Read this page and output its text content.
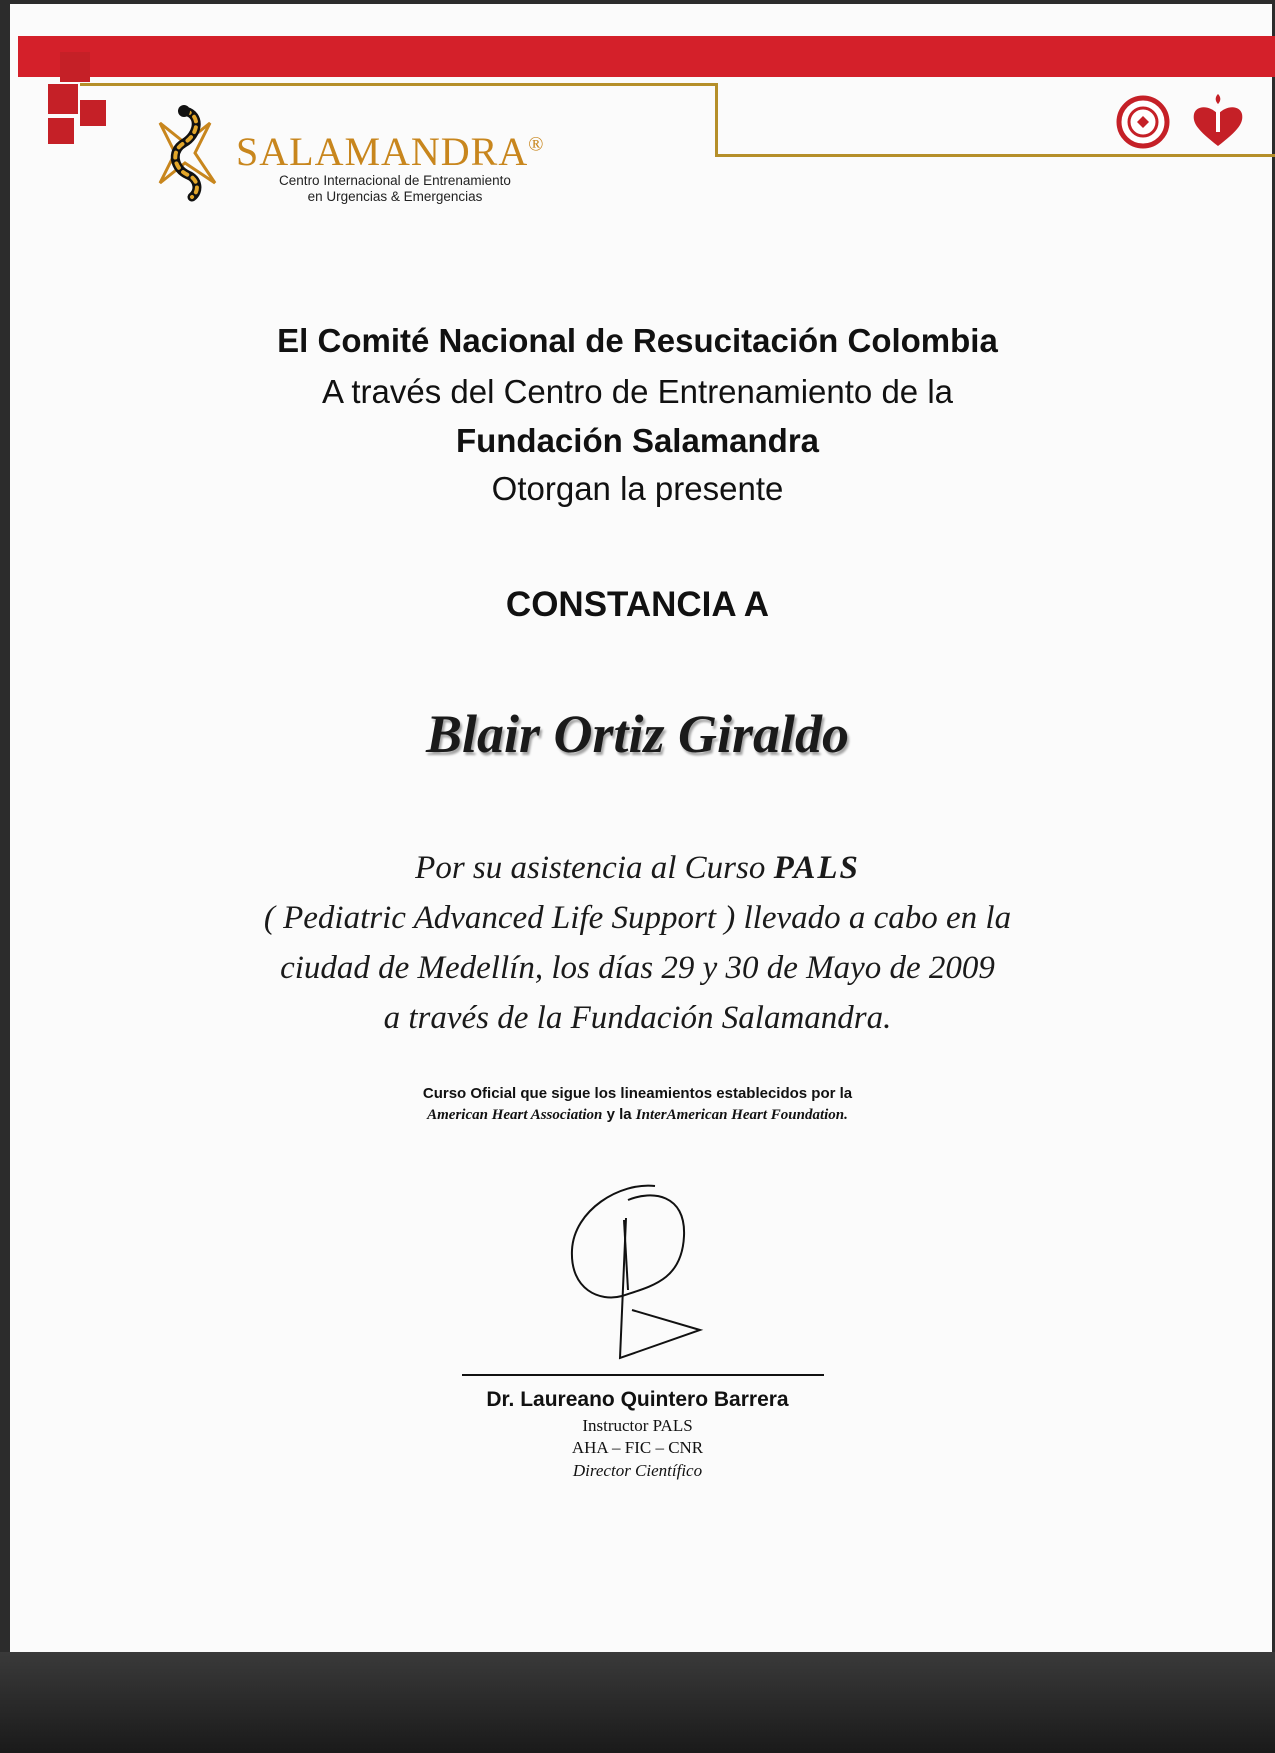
SALAMANDRA®
Centro Internacional de Entrenamiento
en Urgencias & Emergencias
El Comité Nacional de Resucitación Colombia
A través del Centro de Entrenamiento de la
Fundación Salamandra
Otorgan la presente
CONSTANCIA A
Blair Ortiz Giraldo
Por su asistencia al Curso PALS
( Pediatric Advanced Life Support ) llevado a cabo en la
ciudad de Medellín, los días 29 y 30 de Mayo de 2009
a través de la Fundación Salamandra.
Curso Oficial que sigue los lineamientos establecidos por la
American Heart Association y la InterAmerican Heart Foundation.
Dr. Laureano Quintero Barrera
Instructor PALS
AHA – FIC – CNR
Director Científico
